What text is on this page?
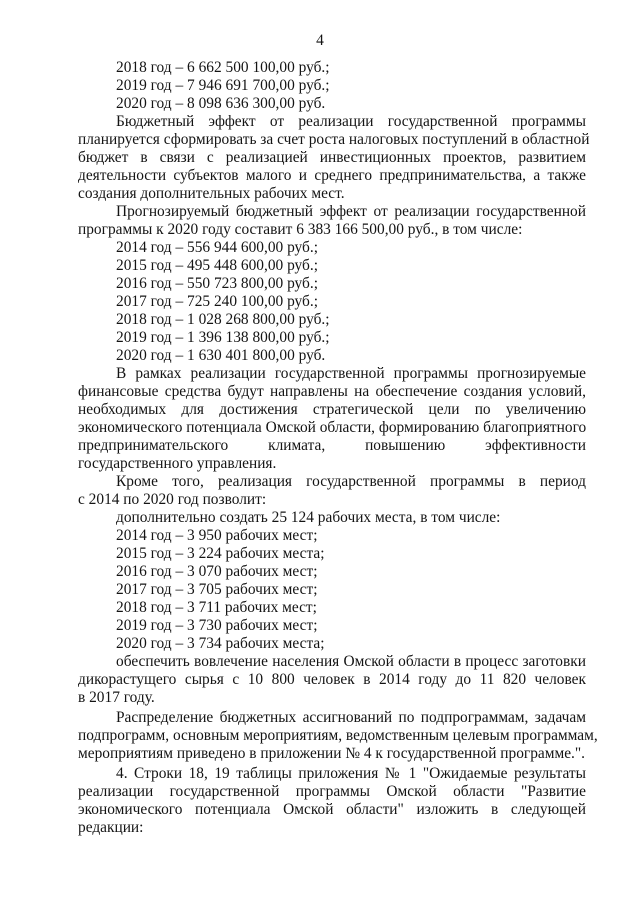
4
2018 год – 6 662 500 100,00 руб.;
2019 год – 7 946 691 700,00 руб.;
2020 год – 8 098 636 300,00 руб.
Бюджетный эффект от реализации государственной программы
планируется сформировать за счет роста налоговых поступлений в областной
бюджет в связи с реализацией инвестиционных проектов, развитием
деятельности субъектов малого и среднего предпринимательства, а также
создания дополнительных рабочих мест.
Прогнозируемый бюджетный эффект от реализации государственной
программы к 2020 году составит 6 383 166 500,00 руб., в том числе:
2014 год – 556 944 600,00 руб.;
2015 год – 495 448 600,00 руб.;
2016 год – 550 723 800,00 руб.;
2017 год – 725 240 100,00 руб.;
2018 год – 1 028 268 800,00 руб.;
2019 год – 1 396 138 800,00 руб.;
2020 год – 1 630 401 800,00 руб.
В рамках реализации государственной программы прогнозируемые
финансовые средства будут направлены на обеспечение создания условий,
необходимых для достижения стратегической цели по увеличению
экономического потенциала Омской области, формированию благоприятного
предпринимательского климата, повышению эффективности
государственного управления.
Кроме того, реализация государственной программы в период
с 2014 по 2020 год позволит:
дополнительно создать 25 124 рабочих места, в том числе:
2014 год – 3 950 рабочих мест;
2015 год – 3 224 рабочих места;
2016 год – 3 070 рабочих мест;
2017 год – 3 705 рабочих мест;
2018 год – 3 711 рабочих мест;
2019 год – 3 730 рабочих мест;
2020 год – 3 734 рабочих места;
обеспечить вовлечение населения Омской области в процесс заготовки
дикорастущего сырья с 10 800 человек в 2014 году до 11 820 человек
в 2017 году.
Распределение бюджетных ассигнований по подпрограммам, задачам
подпрограмм, основным мероприятиям, ведомственным целевым программам,
мероприятиям приведено в приложении № 4 к государственной программе.".
4. Строки 18, 19 таблицы приложения № 1 "Ожидаемые результаты
реализации государственной программы Омской области "Развитие
экономического потенциала Омской области" изложить в следующей
редакции:
